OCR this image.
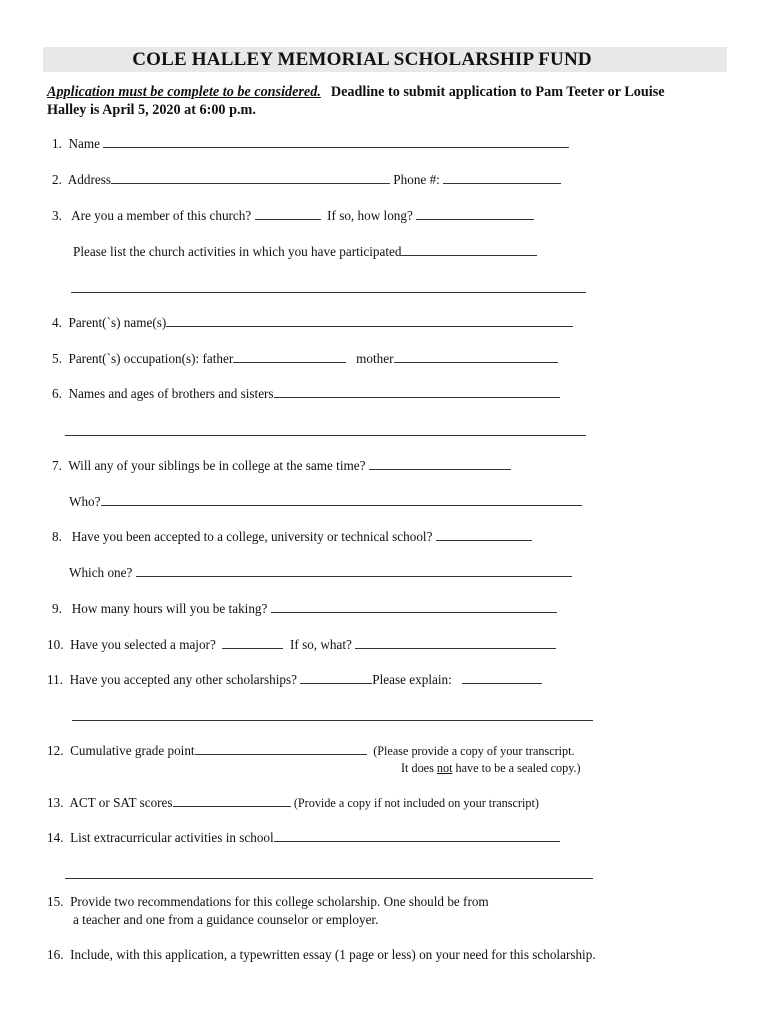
COLE HALLEY MEMORIAL SCHOLARSHIP FUND
Application must be complete to be considered. Deadline to submit application to Pam Teeter or Louise
Halley is April 5, 2020 at 6:00 p.m.
1. Name
2. Address	Phone #:
3. Are you a member of this church?	If so, how long?
Please list the church activities in which you have participated
4. Parent(`s) name(s)
5. Parent(`s) occupation(s): father	mother
6. Names and ages of brothers and sisters
7. Will any of your siblings be in college at the same time?
Who?
8. Have you been accepted to a college, university or technical school?
Which one?
9. How many hours will you be taking?
10. Have you selected a major?	If so, what?
11. Have you accepted any other scholarships?	Please explain:
12. Cumulative grade point	(Please provide a copy of your transcript.
It does not have to be a sealed copy.)
13. ACT or SAT scores	(Provide a copy if not included on your transcript)
14. List extracurricular activities in school
15. Provide two recommendations for this college scholarship. One should be from
a teacher and one from a guidance counselor or employer.
16. Include, with this application, a typewritten essay (1 page or less) on your need for this scholarship.
